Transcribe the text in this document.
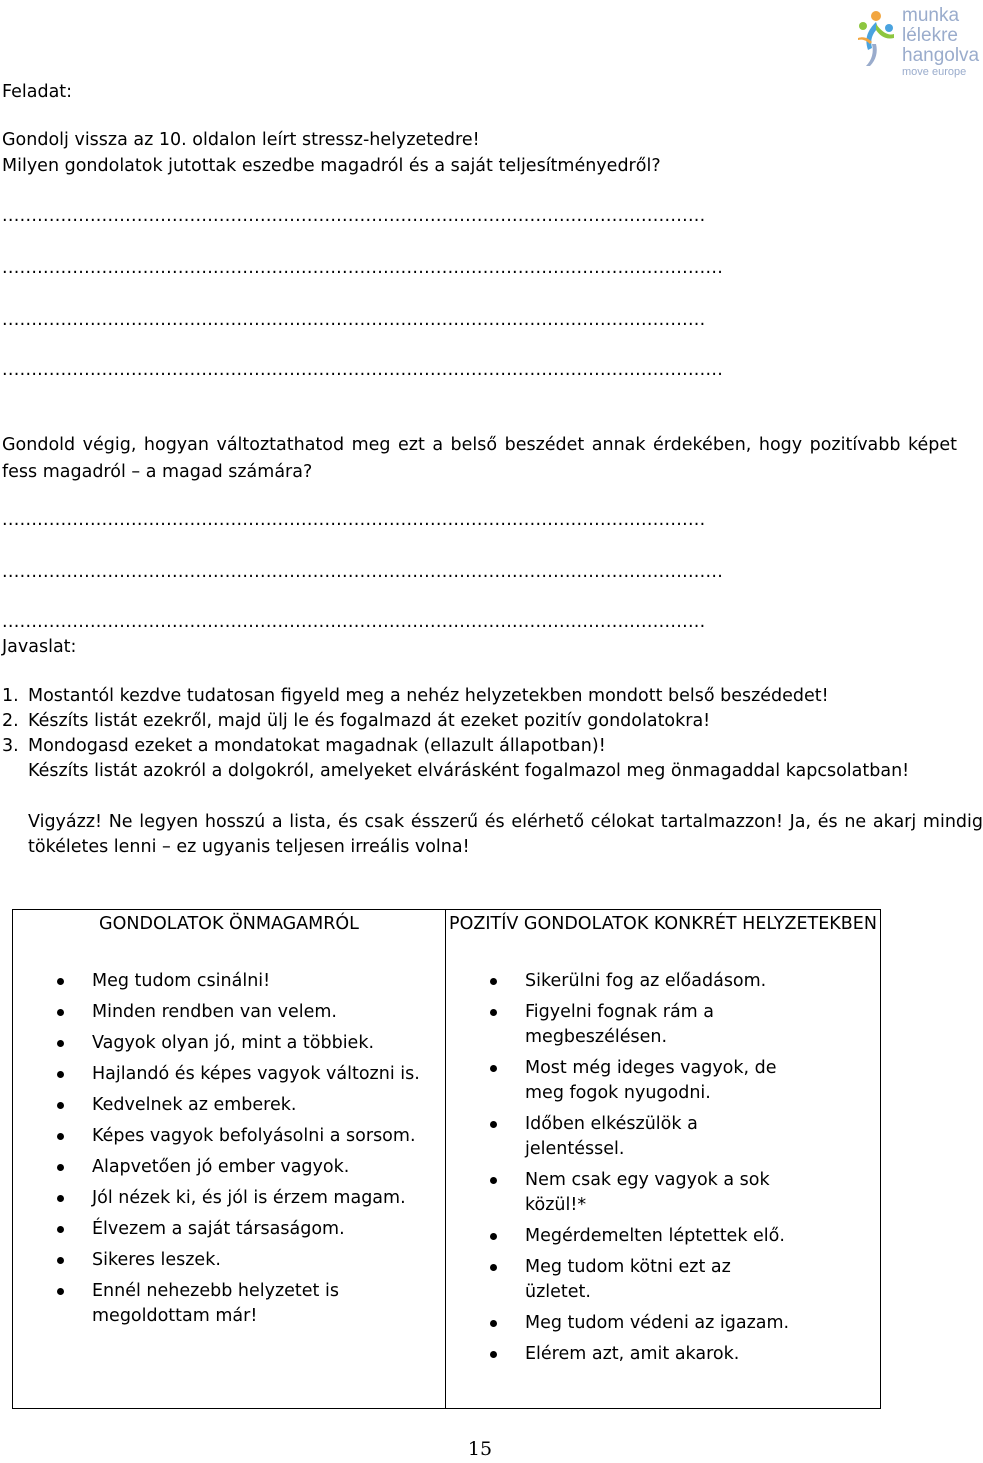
munka
lélekre
hangolva
move europe
Feladat:
Gondolj vissza az 10. oldalon leírt stressz-helyzetedre!
Milyen gondolatok jutottak eszedbe magadról és a saját teljesítményedről?
........................................................................................................................
...........................................................................................................................
........................................................................................................................
...........................................................................................................................
Gondold végig, hogyan változtathatod meg ezt a belső beszédet annak érdekében, hogy pozitívabb képet fess magadról – a magad számára?
........................................................................................................................
...........................................................................................................................
........................................................................................................................
Javaslat:
1. Mostantól kezdve tudatosan figyeld meg a nehéz helyzetekben mondott belső beszédedet!
2. Készíts listát ezekről, majd ülj le és fogalmazd át ezeket pozitív gondolatokra!
3. Mondogasd ezeket a mondatokat magadnak (ellazult állapotban)!
Készíts listát azokról a dolgokról, amelyeket elvárásként fogalmazol meg önmagaddal kapcsolatban!
Vigyázz! Ne legyen hosszú a lista, és csak ésszerű és elérhető célokat tartalmazzon! Ja, és ne akarj mindig tökéletes lenni – ez ugyanis teljesen irreális volna!
GONDOLATOK ÖNMAGAMRÓL
Meg tudom csinálni!
Minden rendben van velem.
Vagyok olyan jó, mint a többiek.
Hajlandó és képes vagyok változni is.
Kedvelnek az emberek.
Képes vagyok befolyásolni a sorsom.
Alapvetően jó ember vagyok.
Jól nézek ki, és jól is érzem magam.
Élvezem a saját társaságom.
Sikeres leszek.
Ennél nehezebb helyzetet is megoldottam már!
POZITÍV GONDOLATOK KONKRÉT HELYZETEKBEN
Sikerülni fog az előadásom.
Figyelni fognak rám a megbeszélésen.
Most még ideges vagyok, de meg fogok nyugodni.
Időben elkészülök a jelentéssel.
Nem csak egy vagyok a sok közül!*
Megérdemelten léptettek elő.
Meg tudom kötni ezt az üzletet.
Meg tudom védeni az igazam.
Elérem azt, amit akarok.
15
